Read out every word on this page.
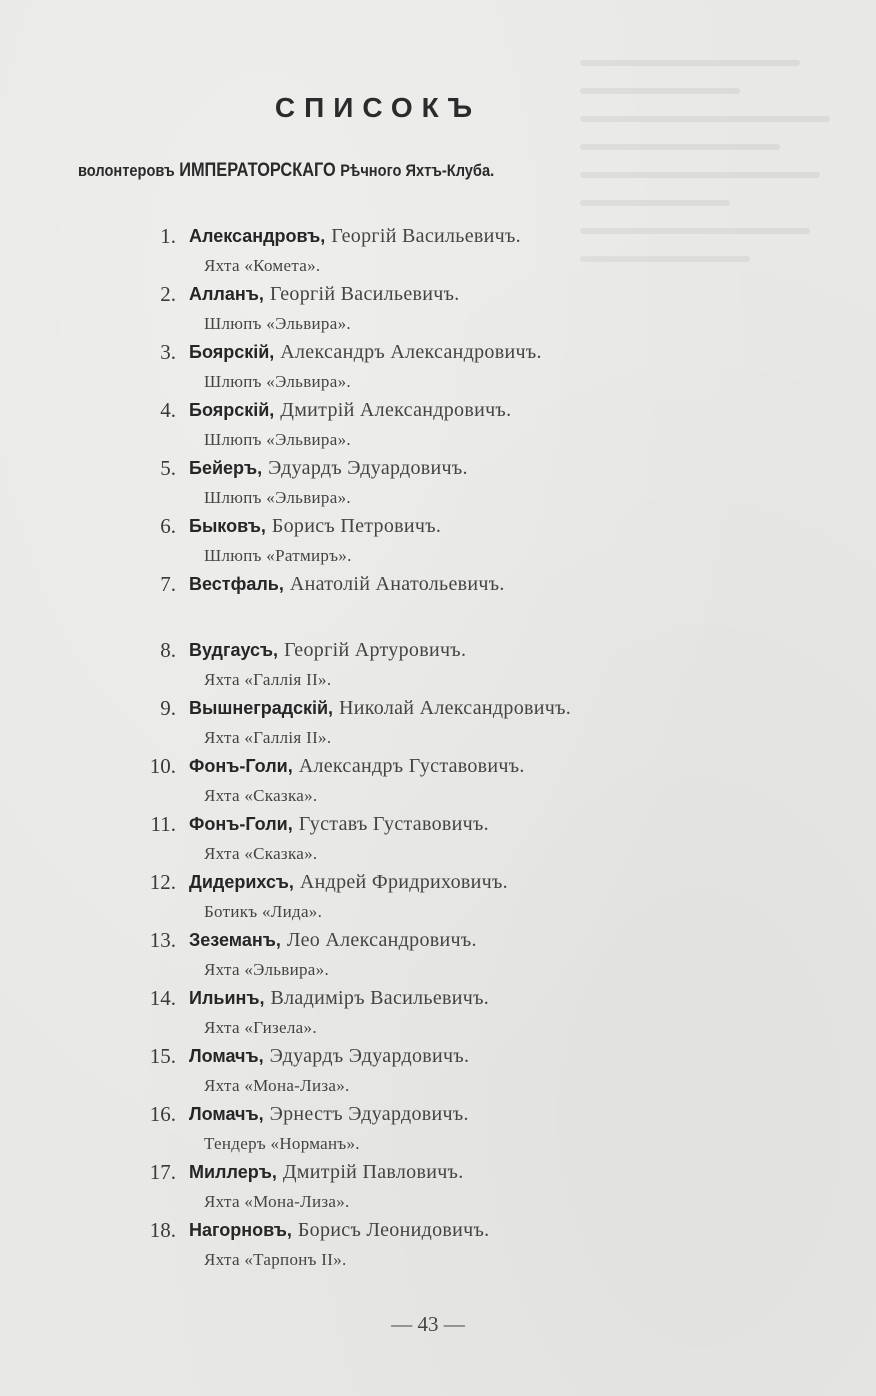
СПИСОКЪ
волонтеровъ ИМПЕРАТОРСКАГО Рѣчного Яхтъ-Клуба.
1. Александровъ, Георгій Васильевичъ.
Яхта «Комета».
2. Алланъ, Георгій Васильевичъ.
Шлюпъ «Эльвира».
3. Боярскій, Александръ Александровичъ.
Шлюпъ «Эльвира».
4. Боярскій, Дмитрій Александровичъ.
Шлюпъ «Эльвира».
5. Бейеръ, Эдуардъ Эдуардовичъ.
Шлюпъ «Эльвира».
6. Быковъ, Борисъ Петровичъ.
Шлюпъ «Ратмиръ».
7. Вестфаль, Анатолій Анатольевичъ.
8. Вудгаусъ, Георгій Артуровичъ.
Яхта «Галлія II».
9. Вышнеградскій, Николай Александровичъ.
Яхта «Галлія II».
10. Фонъ-Голи, Александръ Густавовичъ.
Яхта «Сказка».
11. Фонъ-Голи, Густавъ Густавовичъ.
Яхта «Сказка».
12. Дидерихсъ, Андрей Фридриховичъ.
Ботикъ «Лида».
13. Зеземанъ, Лео Александровичъ.
Яхта «Эльвира».
14. Ильинъ, Владиміръ Васильевичъ.
Яхта «Гизела».
15. Ломачъ, Эдуардъ Эдуардовичъ.
Яхта «Мона-Лиза».
16. Ломачъ, Эрнестъ Эдуардовичъ.
Тендеръ «Норманъ».
17. Миллеръ, Дмитрій Павловичъ.
Яхта «Мона-Лиза».
18. Нагорновъ, Борисъ Леонидовичъ.
Яхта «Тарпонъ II».
— 43 —
